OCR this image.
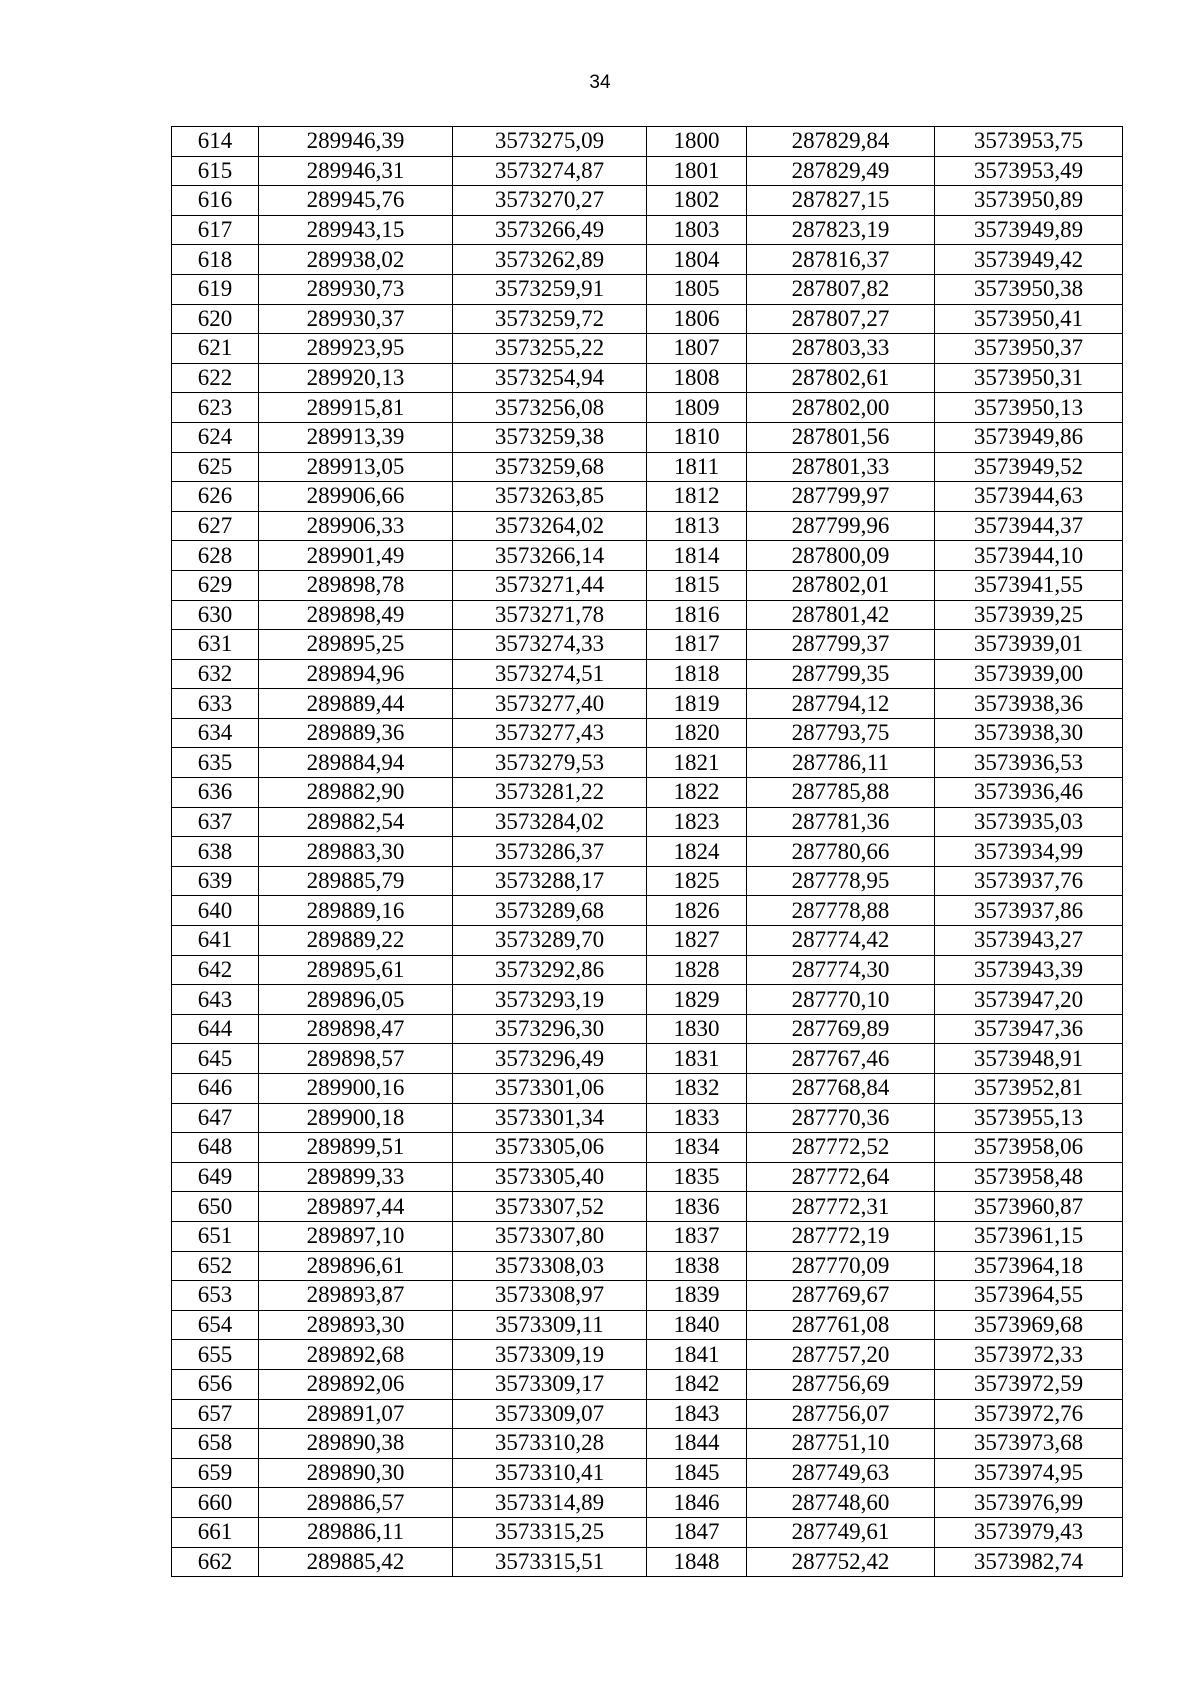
34
614	289946,39	3573275,09	1800	287829,84	3573953,75
615	289946,31	3573274,87	1801	287829,49	3573953,49
616	289945,76	3573270,27	1802	287827,15	3573950,89
617	289943,15	3573266,49	1803	287823,19	3573949,89
618	289938,02	3573262,89	1804	287816,37	3573949,42
619	289930,73	3573259,91	1805	287807,82	3573950,38
620	289930,37	3573259,72	1806	287807,27	3573950,41
621	289923,95	3573255,22	1807	287803,33	3573950,37
622	289920,13	3573254,94	1808	287802,61	3573950,31
623	289915,81	3573256,08	1809	287802,00	3573950,13
624	289913,39	3573259,38	1810	287801,56	3573949,86
625	289913,05	3573259,68	1811	287801,33	3573949,52
626	289906,66	3573263,85	1812	287799,97	3573944,63
627	289906,33	3573264,02	1813	287799,96	3573944,37
628	289901,49	3573266,14	1814	287800,09	3573944,10
629	289898,78	3573271,44	1815	287802,01	3573941,55
630	289898,49	3573271,78	1816	287801,42	3573939,25
631	289895,25	3573274,33	1817	287799,37	3573939,01
632	289894,96	3573274,51	1818	287799,35	3573939,00
633	289889,44	3573277,40	1819	287794,12	3573938,36
634	289889,36	3573277,43	1820	287793,75	3573938,30
635	289884,94	3573279,53	1821	287786,11	3573936,53
636	289882,90	3573281,22	1822	287785,88	3573936,46
637	289882,54	3573284,02	1823	287781,36	3573935,03
638	289883,30	3573286,37	1824	287780,66	3573934,99
639	289885,79	3573288,17	1825	287778,95	3573937,76
640	289889,16	3573289,68	1826	287778,88	3573937,86
641	289889,22	3573289,70	1827	287774,42	3573943,27
642	289895,61	3573292,86	1828	287774,30	3573943,39
643	289896,05	3573293,19	1829	287770,10	3573947,20
644	289898,47	3573296,30	1830	287769,89	3573947,36
645	289898,57	3573296,49	1831	287767,46	3573948,91
646	289900,16	3573301,06	1832	287768,84	3573952,81
647	289900,18	3573301,34	1833	287770,36	3573955,13
648	289899,51	3573305,06	1834	287772,52	3573958,06
649	289899,33	3573305,40	1835	287772,64	3573958,48
650	289897,44	3573307,52	1836	287772,31	3573960,87
651	289897,10	3573307,80	1837	287772,19	3573961,15
652	289896,61	3573308,03	1838	287770,09	3573964,18
653	289893,87	3573308,97	1839	287769,67	3573964,55
654	289893,30	3573309,11	1840	287761,08	3573969,68
655	289892,68	3573309,19	1841	287757,20	3573972,33
656	289892,06	3573309,17	1842	287756,69	3573972,59
657	289891,07	3573309,07	1843	287756,07	3573972,76
658	289890,38	3573310,28	1844	287751,10	3573973,68
659	289890,30	3573310,41	1845	287749,63	3573974,95
660	289886,57	3573314,89	1846	287748,60	3573976,99
661	289886,11	3573315,25	1847	287749,61	3573979,43
662	289885,42	3573315,51	1848	287752,42	3573982,74
